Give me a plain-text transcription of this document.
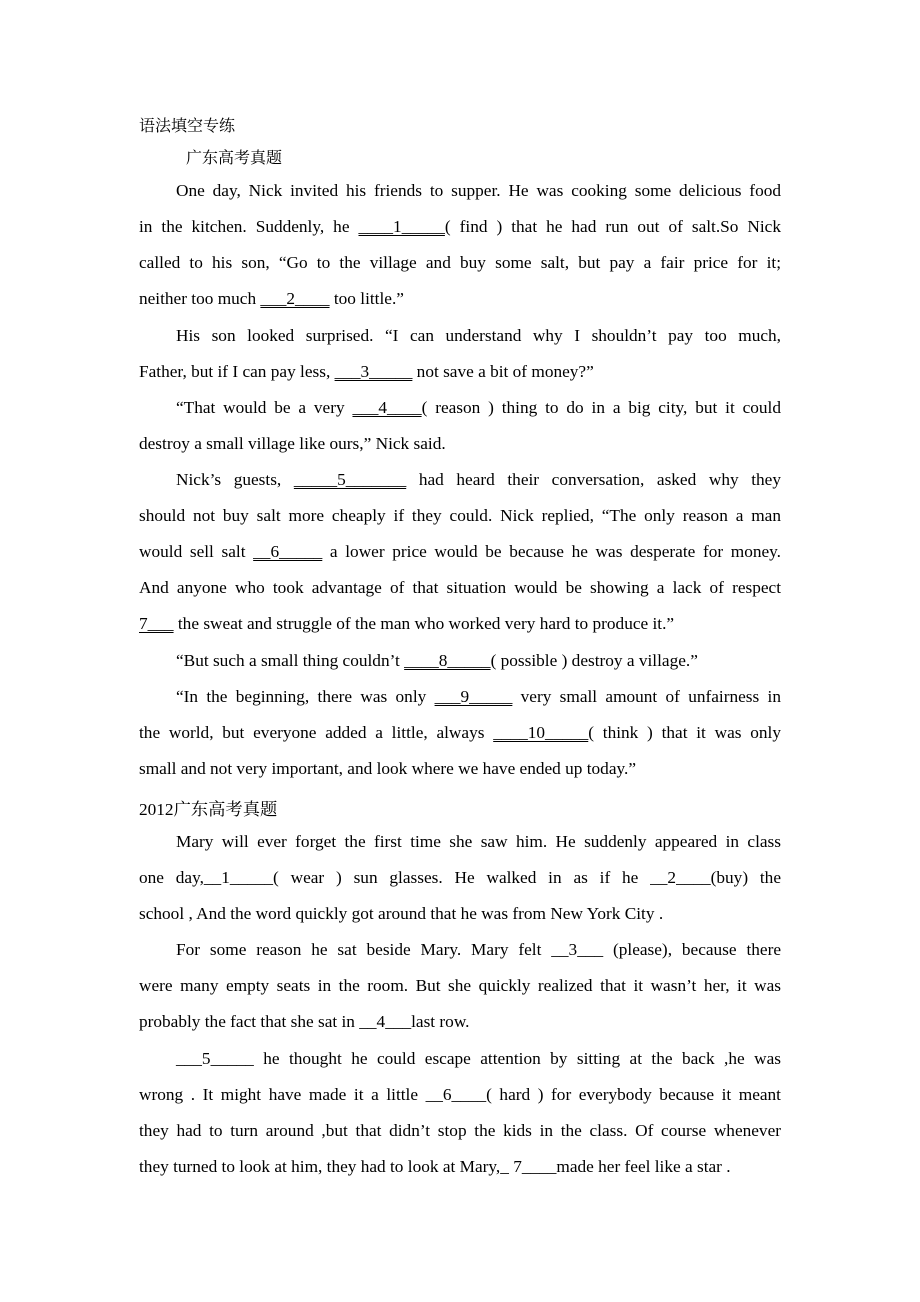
语法填空专练
广东高考真题
One day, Nick invited his friends to supper. He was cooking some delicious food
in the kitchen. Suddenly, he ____1_____( find ) that he had run out of salt.So Nick
called to his son, “Go to the village and buy some salt, but pay a fair price for it;
neither too much ___2____ too little.”
His son looked surprised. “I can understand why I shouldn’t pay too much,
Father, but if I can pay less, ___3_____ not save a bit of money?”
“That would be a very ___4____( reason ) thing to do in a big city, but it could
destroy a small village like ours,” Nick said.
Nick’s guests, _____5_______ had heard their conversation, asked why they
should not buy salt more cheaply if they could. Nick replied, “The only reason a man
would sell salt __6_____ a lower price would be because he was desperate for money.
And anyone who took advantage of that situation would be showing a lack of respect
7___ the sweat and struggle of the man who worked very hard to produce it.”
“But such a small thing couldn’t ____8_____( possible ) destroy a village.”
“In the beginning, there was only ___9_____ very small amount of unfairness in
the world, but everyone added a little, always ____10_____( think ) that it was only
small and not very important, and look where we have ended up today.”
2012广东高考真题
Mary will ever forget the first time she saw him. He suddenly appeared in class
one day,__1_____( wear ) sun glasses. He walked in as if he __2____(buy) the
school , And the word quickly got around that he was from New York City .
For some reason he sat beside Mary. Mary felt __3___ (please), because there
were many empty seats in the room. But she quickly realized that it wasn’t her, it was
probably the fact that she sat in __4___last row.
___5_____ he thought he could escape attention by sitting at the back ,he was
wrong . It might have made it a little __6____( hard ) for everybody because it meant
they had to turn around ,but that didn’t stop the kids in the class. Of course whenever
they turned to look at him, they had to look at Mary,_ 7____made her feel like a star .
